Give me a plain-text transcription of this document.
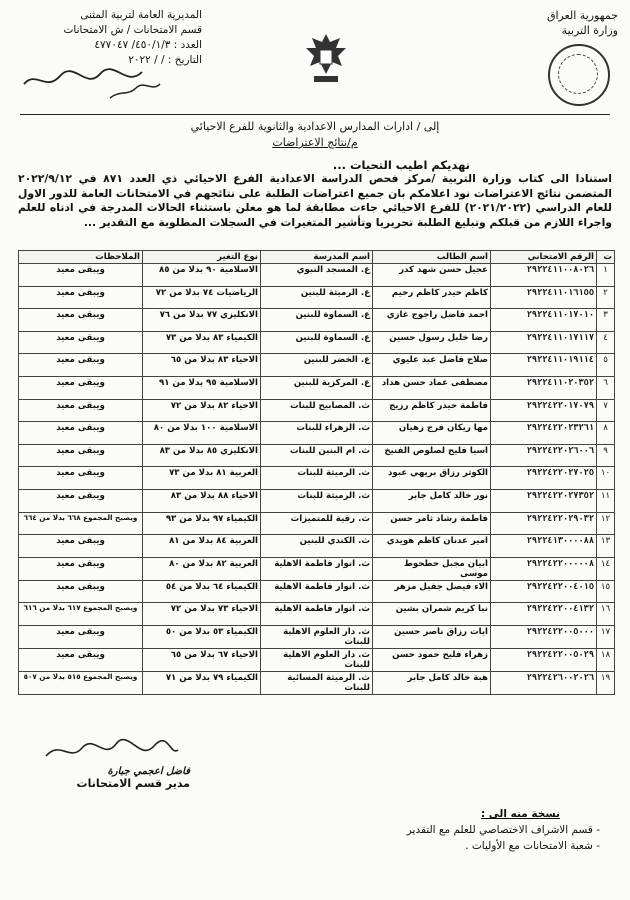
المديرية العامة لتربية المثنى
قسم الامتحانات / ش الامتحانات
العدد : ٤٥٠/١/٣/ ٤٧٧٠٤٧
التاريخ : / / ٢٠٢٢
جمهورية العراق
وزارة التربية
إلى / ادارات المدارس الاعدادية والثانوية للفرع الاحيائي
م/نتائج الاعتراضات
نهديكم اطيب التحيات ...
استنادا الى كتاب وزارة التربية /مركز فحص الدراسة الاعدادية الفرع الاحيائي ذي العدد ٨٧١ في ٢٠٢٢/٩/١٢ المتضمن نتائج الاعتراضات نود اعلامكم بان جميع اعتراضات الطلبة على نتائجهم في الامتحانات العامة للدور الاول للعام الدراسي (٢٠٢١/٢٠٢٢) للفرع الاحيائي جاءت مطابقة لما هو معلن باستثناء الحالات المدرجة في ادناه للعلم واجراء اللازم من قبلكم وتبليغ الطلبة تحريريا وتأشير المتغيرات في السجلات المطلوبة مع التقدير ...
ت	الرقم الامتحاني	اسم الطالب	اسم المدرسة	نوع التغير	الملاحظات
١	٢٩٢٢٤١١٠٠٨٠٢٦	عجيل حسن شهد كدر	ع. المسجد النبوي	الاسلامية ٩٠ بدلا من ٨٥	ويبقى معيد
٢	٢٩٢٢٤١١٠١٦١٥٥	كاظم حيدر كاظم رحيم	ع. الرميثة للبنين	الرياضيات ٧٤ بدلا من ٧٢	ويبقى معيد
٣	٢٩٢٢٤١١٠١٧٠١٠	احمد فاضل راجوج غازي	ع. السماوة للبنين	الانكليزي ٧٧ بدلا من ٧٦	ويبقى معيد
٤	٢٩٢٢٤١١٠١٧١١٧	رضا خليل رسول حسين	ع. السماوة للبنين	الكيمياء ٨٣ بدلا من ٧٣	ويبقى معيد
٥	٢٩٢٢٤١١٠١٩١١٤	صلاح فاضل عبد عليوي	ع. الخضر للبنين	الاحياء ٨٣ بدلا من ٦٥	ويبقى معيد
٦	٢٩٢٢٤١١٠٢٠٣٥٢	مصطفى عماد حسن هداد	ع. المركزية للبنين	الاسلامية ٩٥ بدلا من ٩١	ويبقى معيد
٧	٢٩٢٢٤٢٢٠١٧٠٧٩	فاطمة حيدر كاظم رزيج	ث. المصابيح للبنات	الاحياء ٨٢ بدلا من ٧٢	ويبقى معيد
٨	٢٩٢٢٤٢٢٠٢٣٢٦١	مها ريكان فرج زهيان	ث. الزهراء للبنات	الاسلامية ١٠٠ بدلا من ٨٠	ويبقى معيد
٩	٢٩٢٢٤٢٢٠٢٦٠٠٦	اسيا فليح لصلوص الفنيخ	ث. ام البنين للبنات	الانكليزي ٨٥ بدلا من ٨٣	ويبقى معيد
١٠	٢٩٢٢٤٢٢٠٢٧٠٢٥	الكوثر رزاق بريهي عبود	ث. الرميثة للبنات	العربية ٨١ بدلا من ٧٣	ويبقى معيد
١١	٢٩٢٢٤٢٢٠٢٧٣٥٢	نور خالد كامل جابر	ث. الرميثة للبنات	الاحياء ٨٨ بدلا من ٨٣	ويبقى معيد
١٢	٢٩٢٢٤٢٢٠٢٩٠٣٢	فاطمة رشاد ثامر حسن	ث. رقية للمتميزات	الكيمياء ٩٧ بدلا من ٩٣	ويصبح المجموع ٦٦٨ بدلا من ٦٦٤
١٣	٢٩٢٢٤١٣٠٠٠٠٨٨	امير عدنان كاظم هويدي	ث. الكندي للبنين	العربية ٨٤ بدلا من ٨١	ويبقى معيد
١٤	٢٩٢٢٤٢٢٠٠٠٠٠٨	ابيان مجبل حطحوط موسى	ث. انوار فاطمة الاهلية	العربية ٨٢ بدلا من ٨٠	ويبقى معيد
١٥	٢٩٢٢٤٢٢٠٠٤٠١٥	الاء فيصل جفيل مزهر	ث. انوار فاطمة الاهلية	الكيمياء ٦٤ بدلا من ٥٤	ويبقى معيد
١٦	٢٩٢٢٤٢٢٠٠٤١٣٢	نبا كريم شمران بشين	ث. انوار فاطمة الاهلية	الاحياء ٧٣ بدلا من ٧٢	ويصبح المجموع ٦١٧ بدلا من ٦١٦
١٧	٢٩٢٢٤٢٢٠٠٥٠٠٠	ايات رزاق ناصر حسين	ث. دار العلوم الاهلية للبنات	الكيمياء ٥٣ بدلا من ٥٠	ويبقى معيد
١٨	٢٩٢٢٤٢٢٠٠٥٠٢٩	زهراء فليح حمود حسن	ث. دار العلوم الاهلية للبنات	الاحياء ٦٧ بدلا من ٦٥	ويبقى معيد
١٩	٢٩٢٢٤٢٦٠٠٢٠٢٦	هبة خالد كامل جابر	ث. الرميثة المسائية للبنات	الكيمياء ٧٩ بدلا من ٧١	ويصبح المجموع ٥١٥ بدلا من ٥٠٧
فاضل اعجمي جبارة
مدير قسم الامتحانات
نسخة منه الى :
- قسم الاشراف الاختصاصي للعلم مع التقدير
- شعبة الامتحانات مع الأوليات .
